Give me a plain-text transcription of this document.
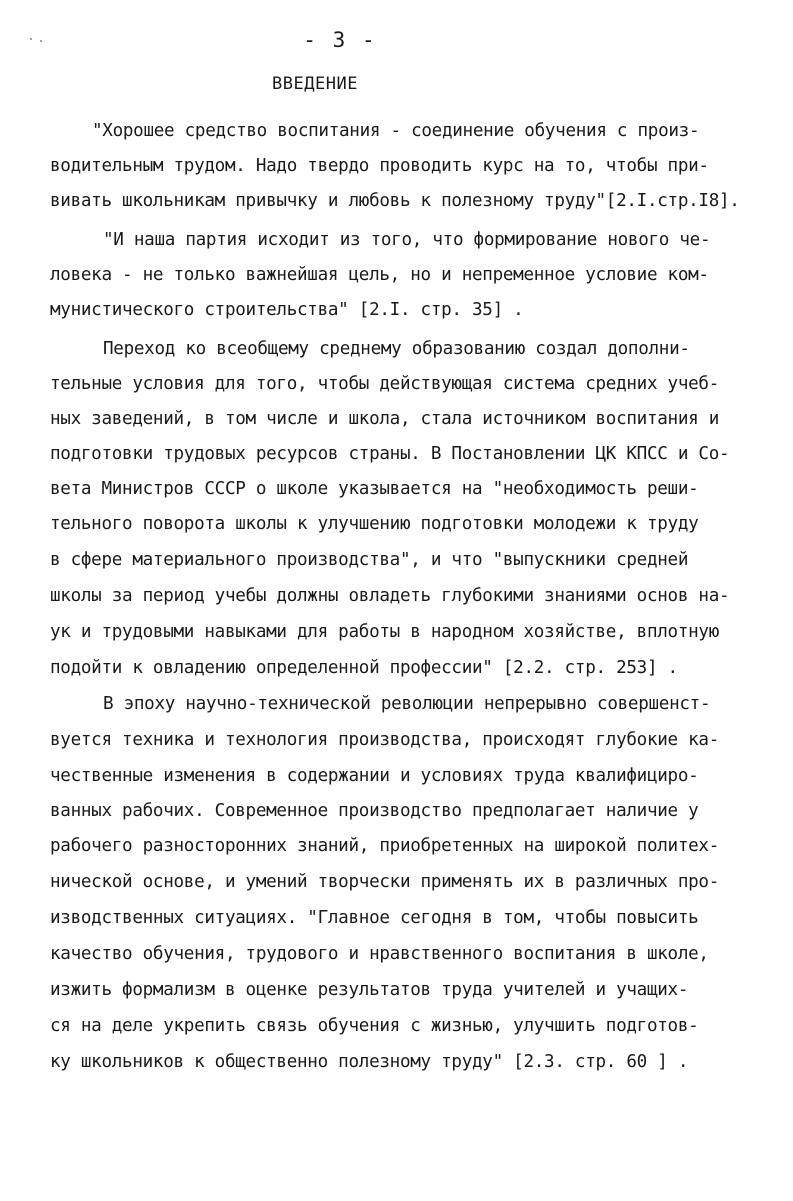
- 3 -
ВВЕДЕНИЕ
"Хорошее средство воспитания - соединение обучения с произ-
водительным трудом. Надо твердо проводить курс на то, чтобы при-
вивать школьникам привычку и любовь к полезному труду"[2.I.стр.I8].
"И наша партия исходит из того, что формирование нового че-
ловека - не только важнейшая цель, но и непременное условие ком-
мунистического строительства" [2.I. стр. 35] .
Переход ко всеобщему среднему образованию создал дополни-
тельные условия для того, чтобы действующая система средних учеб-
ных заведений, в том числе и школа, стала источником воспитания и
подготовки трудовых ресурсов страны. В Постановлении ЦК КПСС и Со-
вета Министров СССР о школе указывается на "необходимость реши-
тельного поворота школы к улучшению подготовки молодежи к труду
в сфере материального производства", и что "выпускники средней
школы за период учебы должны овладеть глубокими знаниями основ на-
ук и трудовыми навыками для работы в народном хозяйстве, вплотную
подойти к овладению определенной профессии" [2.2. стр. 253] .
В эпоху научно-технической революции непрерывно совершенст-
вуется техника и технология производства, происходят глубокие ка-
чественные изменения в содержании и условиях труда квалифициро-
ванных рабочих. Современное производство предполагает наличие у
рабочего разносторонних знаний, приобретенных на широкой политех-
нической основе, и умений творчески применять их в различных про-
изводственных ситуациях. "Главное сегодня в том, чтобы повысить
качество обучения, трудового и нравственного воспитания в школе,
изжить формализм в оценке результатов труда учителей и учащих-
ся на деле укрепить связь обучения с жизнью, улучшить подготов-
ку школьников к общественно полезному труду" [2.3. стр. 60 ] .
